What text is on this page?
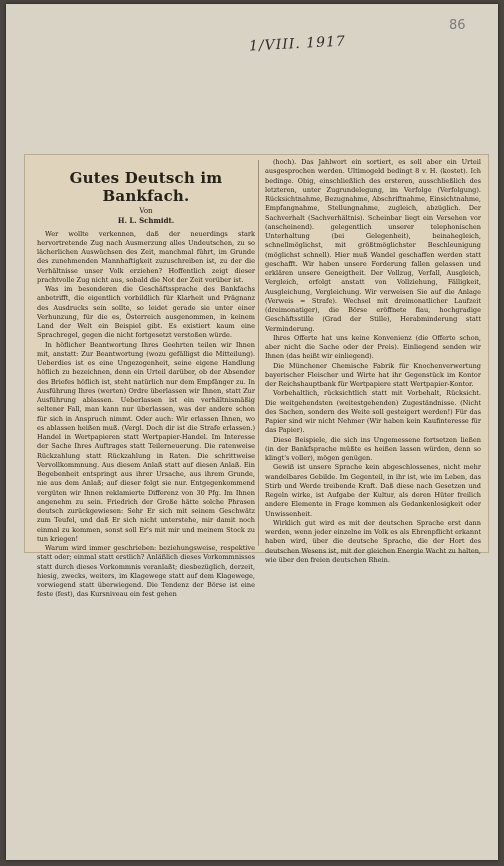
86
1/VIII. 1917
Gutes Deutsch im Bankfach.
Von
H. L. Schmidt.

Wer wollte verkennen, daß der neuerdings stark hervortretende Zug nach Ausmerzung alles Undeutschen, zu so lächerlichen Auswüchsen des Zeit, manchmal führt, im Grunde des zunehmenden Mannhaftigkeit zuzuschreiben ist, zu der die Verhältnisse unser Volk erziehen? Hoffentlich zeigt dieser prachtvolle Zug nicht aus, sobald die Not der Zeit vorüber ist.

Was im besonderen die Geschäftssprache des Bankfachs anbetrifft, die eigentlich vorbildlich für Klarheit und Prägnanz des Ausdrucks sein sollte, so leidet gerade sie unter einer Verhunzung, für die es, Österreich ausgenommen, in keinem Land der Welt ein Beispiel gibt. Es existiert kaum eine Sprachregel, gegen die nicht fortgesetzt verstoßen würde.

In höflicher Beantwortung Ihres Geehrten teilen wir Ihnen mit, anstatt: Zur Beantwortung (wozu gefälligst die Mitteilung). Ueberdies ist es eine Ungezogenheit, seine eigene Handlung höflich zu bezeichnen, denn ein Urteil darüber, ob der Absender des Briefes höflich ist, steht natürlich nur dem Empfänger zu. In Ausführung Ihres (werten) Ordre überlassen wir Ihnen, statt Zur Ausführung ablassen. Ueberlassen ist ein verhältnismäßig seltener Fall, man kann nur überlassen, was der andere schon für sich in Anspruch nimmt. Oder auch: Wir erlassen Ihnen, wo es ablassen heißen muß. (Vergl. Doch dir ist die Strafe erlassen.) Handel in Wertpapieren statt Wertpapier-Handel. Im Interesse der Sache Ihres Auftrages statt Teilerneuerung. Die ratenweise Rückzahlung statt Rückzahlung in Raten. Die schrittweise Vervollkommnung. Aus diesem Anlaß statt auf diesen Anlaß. Ein Begebenheit entspringt aus ihrer Ursache, aus ihrem Grunde, nie aus dem Anlaß; auf dieser folgt sie nur. Entgegenkommend vergüten wir Ihnen reklamierte Differenz von 30 Pfg. Im Ihnen angenehm zu sein. Friedrich der Große hätte solche Phrasen deutsch zurückgewiesen: Sehr Er sich mit seinem Geschwätz zum Teufel, und daß Er sich nicht unterstehe, mir damit noch einmal zu kommen, sonst soll Er's mit mir und meinem Stock zu tun kriegen!

Warum wird immer geschrieben: beziehungsweise, respektive statt oder; einmal statt erstlich? Anläßlich dieses Vorkommnisses statt durch dieses Vorkommnis veranlaßt; diesbezüglich, derzeit, hiesig, zwecks, weiters, im Klagewege statt auf dem Klagewege, vorwiegend statt überwiegend. Die Tendenz der Börse ist eine feste (fest), das Kursniveau ein fest gehen

(hoch). Das Jahlwort ein sortiert, es soll aber ein Urteil ausgesprochen werden. Ultimogeld bedingt 8 v. H. (kostet). Ich bedinge. Obig, einschließlich des ersteren, ausschließlich des letzteren, unter Zugrundelegung, im Verfolge (Verfolgung). Rücksichtnahme, Bezugnahme, Abschriftnahme, Einsichtnahme, Empfangnahme, Stellungnahme, zugleich, abzüglich. Der Sachverhalt (Sachverhältnis). Scheinbar liegt ein Versehen vor (anscheinend). gelegentlich unserer telephonischen Unterhaltung (bei Gelegenheit), beinahegleich, schnellmöglichst, mit größtmöglichster Beschleunigung (möglichst schnell). Hier muß Wandel geschaffen werden statt geschafft. Wir haben unsere Forderung fallen gelassen und erklären unsere Geneigtheit. Der Vollzug, Verfall, Ausgleich, Vergleich, erfolgt anstatt von Vollziehung, Fälligkeit, Ausgleichung, Vergleichung. Wir verweisen Sie auf die Anlage (Verweis = Strafe). Wechsel mit dreimonatlicher Laufzeit (dreimonatiger), die Börse eröffnete flau, hochgradige Geschäftsstille (Grad der Stille), Herabminderung statt Verminderung.

Ihres Offerte hat uns keine Konvenienz (die Offerte schon, aber nicht die Sache oder der Preis). Einliegend senden wir Ihnen (das heißt wir einliegend).

Die Münchener Chemische Fabrik für Knochenverwertung bayerischer Fleischer und Wirte hat ihr Gegenstück im Kontor der Reichshauptbank für Wertpapiere statt Wertpapier-Kontor.

Vorbehaltlich, rücksichtlich statt mit Vorbehalt, Rücksicht. Die weitgehendsten (weitestgehenden) Zugeständnisse. (Nicht des Sachen, sondern des Weite soll gesteigert werden!) Für das Papier sind wir nicht Nehmer (Wir haben kein Kaufinteresse für das Papier).

Diese Beispiele, die sich ins Ungemessene fortsetzen ließen (in der Bankfsprache müßte es heißen lassen würden, denn so klingt's voller), mögen genügen.

Gewiß ist unsere Sprache kein abgeschlossenes, nicht mehr wandelbares Gebilde. Im Gegenteil, in ihr ist, wie im Leben, das Stirb und Werde treibende Kraft. Daß diese nach Gesetzen und Regeln wirke, ist Aufgabe der Kultur, als deren Hüter freilich andere Elemente in Frage kommen als Gedankenlosigkeit oder Unwissenheit.

Wirklich gut wird es mit der deutschen Sprache erst dann werden, wenn jeder einzelne im Volk es als Ehrenpflicht erkannt haben wird, über die deutsche Sprache, die der Hort des deutschen Wesens ist, mit der gleichen Energie Wacht zu halten, wie über den freien deutschen Rhein.
